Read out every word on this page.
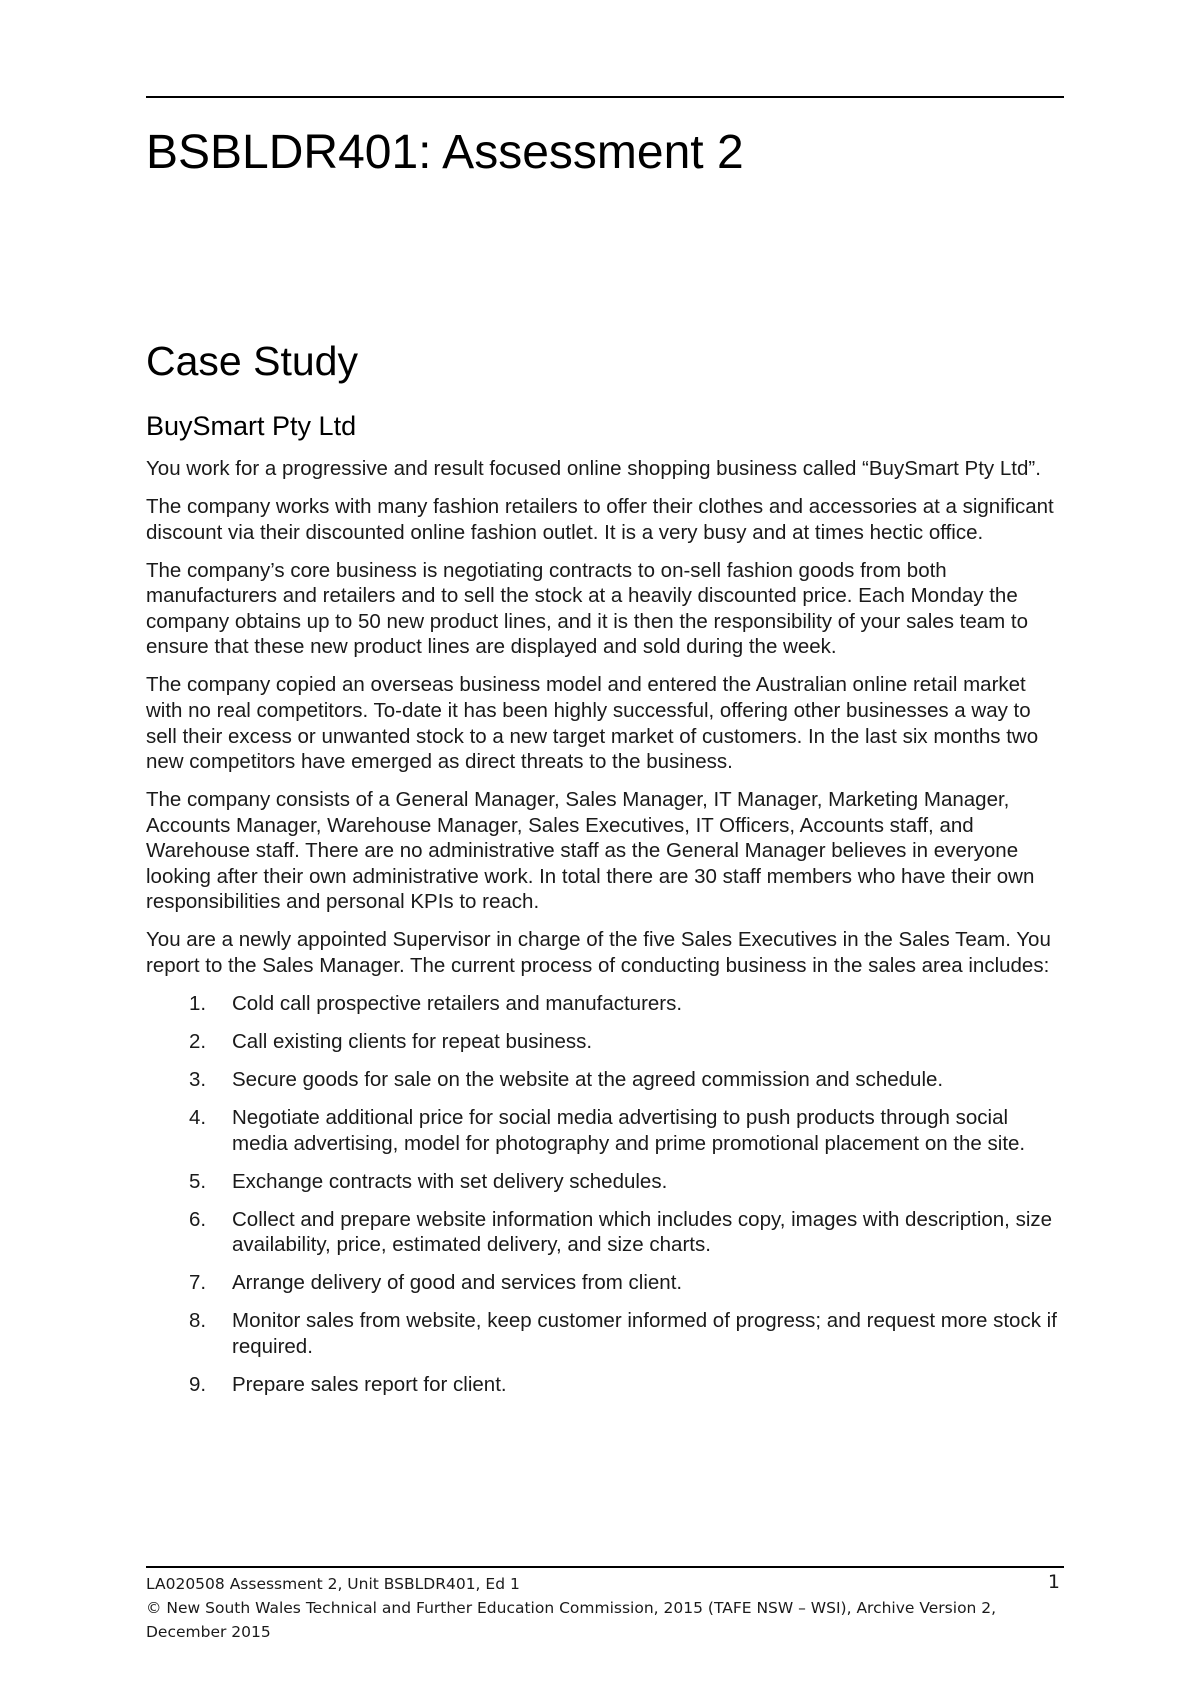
BSBLDR401: Assessment 2
Case Study
BuySmart Pty Ltd

You work for a progressive and result focused online shopping business called “BuySmart Pty Ltd”.

The company works with many fashion retailers to offer their clothes and accessories at a significant discount via their discounted online fashion outlet. It is a very busy and at times hectic office.

The company’s core business is negotiating contracts to on-sell fashion goods from both manufacturers and retailers and to sell the stock at a heavily discounted price. Each Monday the company obtains up to 50 new product lines, and it is then the responsibility of your sales team to ensure that these new product lines are displayed and sold during the week.

The company copied an overseas business model and entered the Australian online retail market with no real competitors. To-date it has been highly successful, offering other businesses a way to sell their excess or unwanted stock to a new target market of customers. In the last six months two new competitors have emerged as direct threats to the business.

The company consists of a General Manager, Sales Manager, IT Manager, Marketing Manager, Accounts Manager, Warehouse Manager, Sales Executives, IT Officers, Accounts staff, and Warehouse staff. There are no administrative staff as the General Manager believes in everyone looking after their own administrative work. In total there are 30 staff members who have their own responsibilities and personal KPIs to reach.

You are a newly appointed Supervisor in charge of the five Sales Executives in the Sales Team. You report to the Sales Manager. The current process of conducting business in the sales area includes:

1. Cold call prospective retailers and manufacturers.
2. Call existing clients for repeat business.
3. Secure goods for sale on the website at the agreed commission and schedule.
4. Negotiate additional price for social media advertising to push products through social media advertising, model for photography and prime promotional placement on the site.
5. Exchange contracts with set delivery schedules.
6. Collect and prepare website information which includes copy, images with description, size availability, price, estimated delivery, and size charts.
7. Arrange delivery of good and services from client.
8. Monitor sales from website, keep customer informed of progress; and request more stock if required.
9. Prepare sales report for client.
LA020508 Assessment 2, Unit BSBLDR401, Ed 1	1
© New South Wales Technical and Further Education Commission, 2015 (TAFE NSW – WSI), Archive Version 2, December 2015
